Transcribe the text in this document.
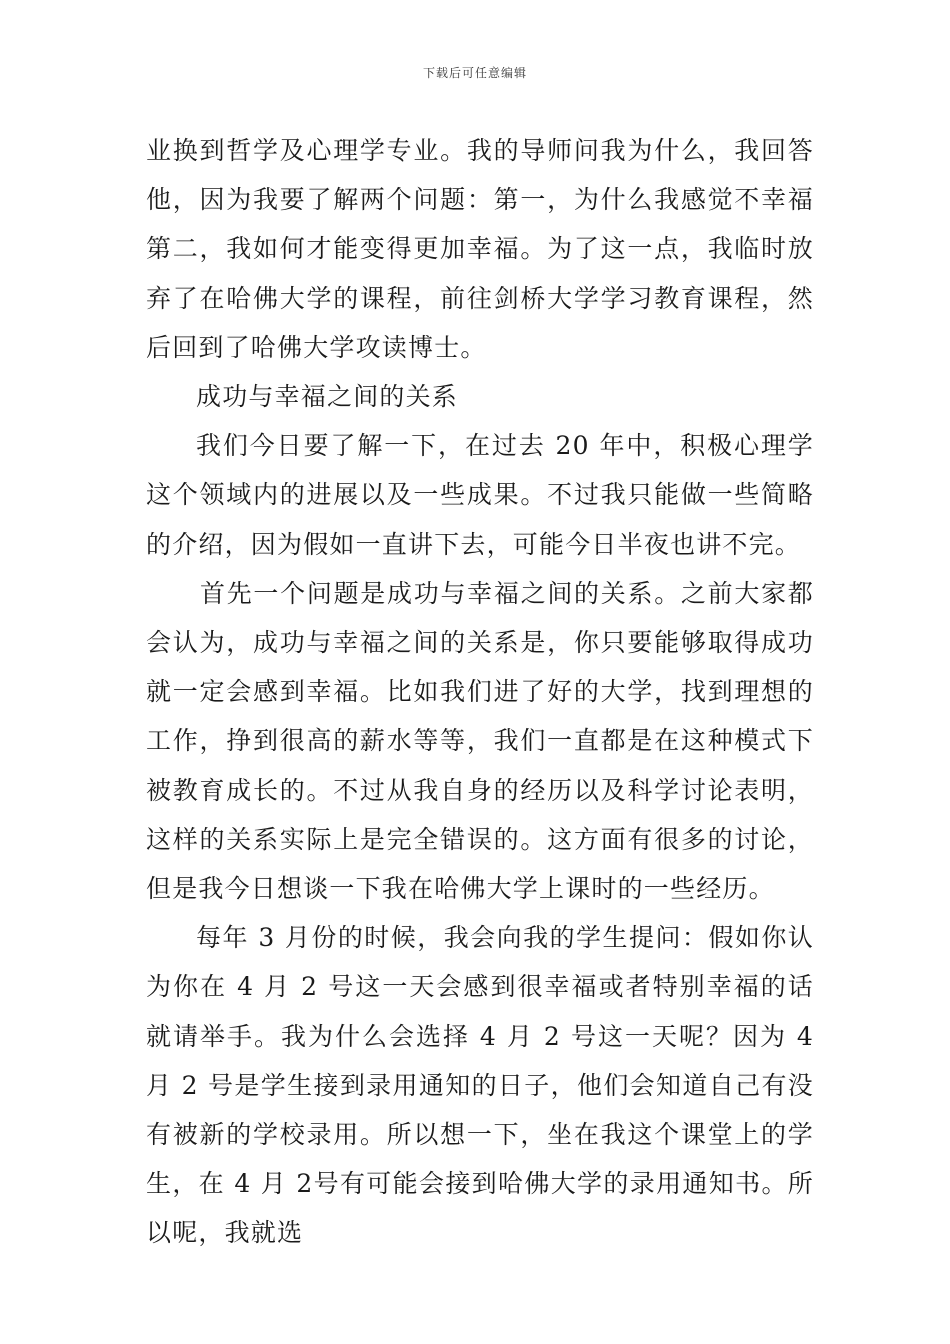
下载后可任意编辑

业换到哲学及心理学专业。我的导师问我为什么，我回答他，因为我要了解两个问题：第一，为什么我感觉不幸福第二，我如何才能变得更加幸福。为了这一点，我临时放弃了在哈佛大学的课程，前往剑桥大学学习教育课程，然后回到了哈佛大学攻读博士。

成功与幸福之间的关系

我们今日要了解一下，在过去 20 年中，积极心理学这个领域内的进展以及一些成果。不过我只能做一些简略的介绍，因为假如一直讲下去，可能今日半夜也讲不完。

首先一个问题是成功与幸福之间的关系。之前大家都会认为，成功与幸福之间的关系是，你只要能够取得成功就一定会感到幸福。比如我们进了好的大学，找到理想的工作，挣到很高的薪水等等，我们一直都是在这种模式下被教育成长的。不过从我自身的经历以及科学讨论表明，这样的关系实际上是完全错误的。这方面有很多的讨论，但是我今日想谈一下我在哈佛大学上课时的一些经历。

每年 3 月份的时候，我会向我的学生提问：假如你认为你在 4 月 2 号这一天会感到很幸福或者特别幸福的话就请举手。我为什么会选择 4 月 2 号这一天呢？因为 4 月 2 号是学生接到录用通知的日子，他们会知道自己有没有被新的学校录用。所以想一下，坐在我这个课堂上的学生，在 4 月 2号有可能会接到哈佛大学的录用通知书。所以呢，我就选
